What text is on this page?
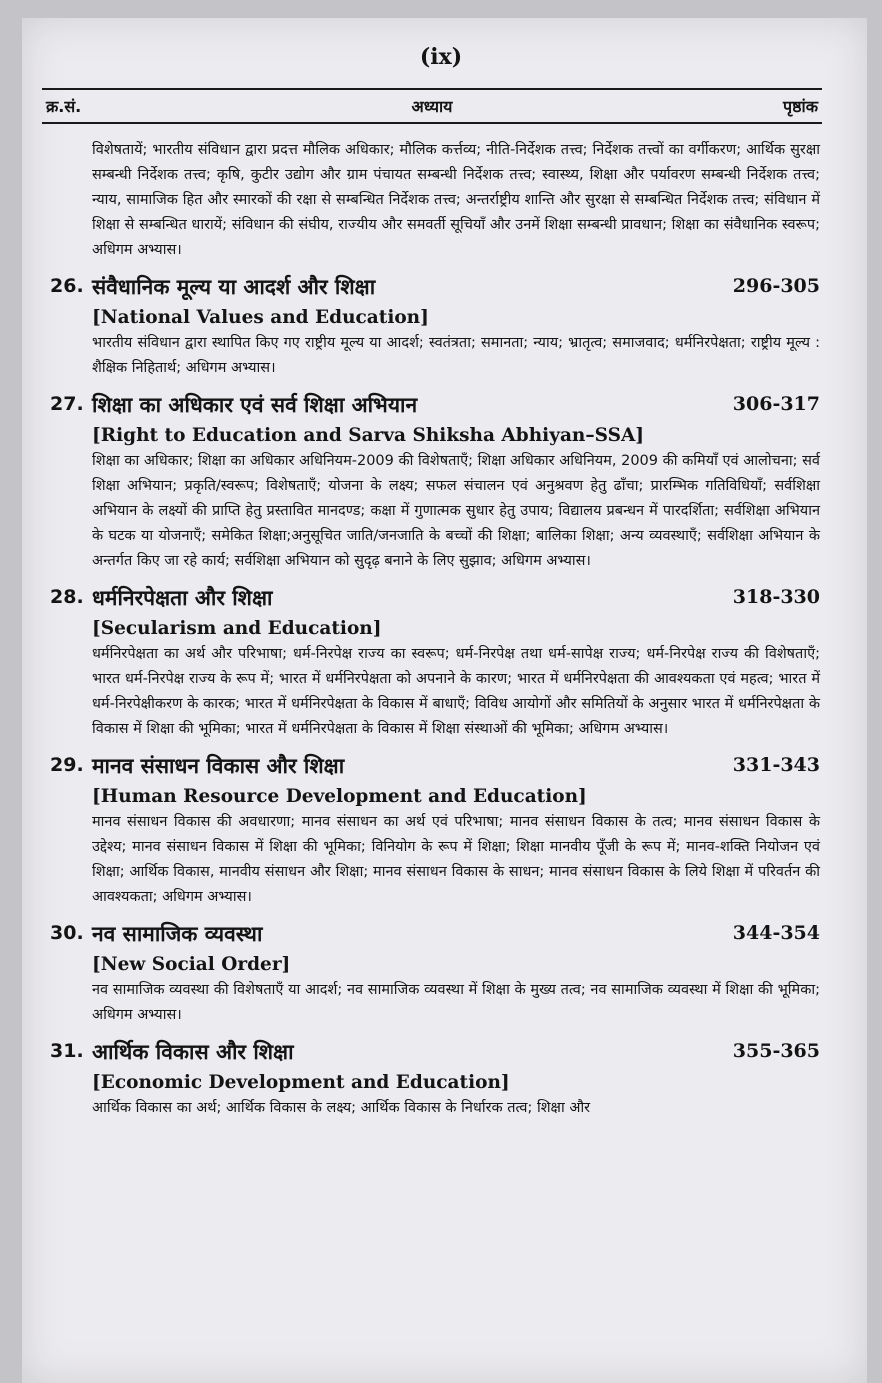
(ix)
क्र.सं.	अध्याय	पृष्ठांक

विशेषतायें; भारतीय संविधान द्वारा प्रदत्त मौलिक अधिकार; मौलिक कर्त्तव्य; नीति-निर्देशक तत्त्व; निर्देशक तत्त्वों का वर्गीकरण; आर्थिक सुरक्षा सम्बन्धी निर्देशक तत्त्व; कृषि, कुटीर उद्योग और ग्राम पंचायत सम्बन्धी निर्देशक तत्त्व; स्वास्थ्य, शिक्षा और पर्यावरण सम्बन्धी निर्देशक तत्त्व; न्याय, सामाजिक हित और स्मारकों की रक्षा से सम्बन्धित निर्देशक तत्त्व; अन्तर्राष्ट्रीय शान्ति और सुरक्षा से सम्बन्धित निर्देशक तत्त्व; संविधान में शिक्षा से सम्बन्धित धारायें; संविधान की संघीय, राज्यीय और समवर्ती सूचियाँ और उनमें शिक्षा सम्बन्धी प्रावधान; शिक्षा का संवैधानिक स्वरूप; अधिगम अभ्यास।

26. संवैधानिक मूल्य या आदर्श और शिक्षा	296-305

[National Values and Education]

भारतीय संविधान द्वारा स्थापित किए गए राष्ट्रीय मूल्य या आदर्श; स्वतंत्रता; समानता; न्याय; भ्रातृत्व; समाजवाद; धर्मनिरपेक्षता; राष्ट्रीय मूल्य : शैक्षिक निहितार्थ; अधिगम अभ्यास।

27. शिक्षा का अधिकार एवं सर्व शिक्षा अभियान	306-317

[Right to Education and Sarva Shiksha Abhiyan–SSA]

शिक्षा का अधिकार; शिक्षा का अधिकार अधिनियम-2009 की विशेषताएँ; शिक्षा अधिकार अधिनियम, 2009 की कमियाँ एवं आलोचना; सर्व शिक्षा अभियान; प्रकृति/स्वरूप; विशेषताएँ; योजना के लक्ष्य; सफल संचालन एवं अनुश्रवण हेतु ढाँचा; प्रारम्भिक गतिविधियाँ; सर्वशिक्षा अभियान के लक्ष्यों की प्राप्ति हेतु प्रस्तावित मानदण्ड; कक्षा में गुणात्मक सुधार हेतु उपाय; विद्यालय प्रबन्धन में पारदर्शिता; सर्वशिक्षा अभियान के घटक या योजनाएँ; समेकित शिक्षा;अनुसूचित जाति/जनजाति के बच्चों की शिक्षा; बालिका शिक्षा; अन्य व्यवस्थाएँ; सर्वशिक्षा अभियान के अन्तर्गत किए जा रहे कार्य; सर्वशिक्षा अभियान को सुदृढ़ बनाने के लिए सुझाव; अधिगम अभ्यास।

28. धर्मनिरपेक्षता और शिक्षा	318-330

[Secularism and Education]

धर्मनिरपेक्षता का अर्थ और परिभाषा; धर्म-निरपेक्ष राज्य का स्वरूप; धर्म-निरपेक्ष तथा धर्म-सापेक्ष राज्य; धर्म-निरपेक्ष राज्य की विशेषताएँ; भारत धर्म-निरपेक्ष राज्य के रूप में; भारत में धर्मनिरपेक्षता को अपनाने के कारण; भारत में धर्मनिरपेक्षता की आवश्यकता एवं महत्व; भारत में धर्म-निरपेक्षीकरण के कारक; भारत में धर्मनिरपेक्षता के विकास में बाधाएँ; विविध आयोगों और समितियों के अनुसार भारत में धर्मनिरपेक्षता के विकास में शिक्षा की भूमिका; भारत में धर्मनिरपेक्षता के विकास में शिक्षा संस्थाओं की भूमिका; अधिगम अभ्यास।

29. मानव संसाधन विकास और शिक्षा	331-343

[Human Resource Development and Education]

मानव संसाधन विकास की अवधारणा; मानव संसाधन का अर्थ एवं परिभाषा; मानव संसाधन विकास के तत्व; मानव संसाधन विकास के उद्देश्य; मानव संसाधन विकास में शिक्षा की भूमिका; विनियोग के रूप में शिक्षा; शिक्षा मानवीय पूँजी के रूप में; मानव-शक्ति नियोजन एवं शिक्षा; आर्थिक विकास, मानवीय संसाधन और शिक्षा; मानव संसाधन विकास के साधन; मानव संसाधन विकास के लिये शिक्षा में परिवर्तन की आवश्यकता; अधिगम अभ्यास।

30. नव सामाजिक व्यवस्था	344-354

[New Social Order]

नव सामाजिक व्यवस्था की विशेषताएँ या आदर्श; नव सामाजिक व्यवस्था में शिक्षा के मुख्य तत्व; नव सामाजिक व्यवस्था में शिक्षा की भूमिका; अधिगम अभ्यास।

31. आर्थिक विकास और शिक्षा	355-365

[Economic Development and Education]

आर्थिक विकास का अर्थ; आर्थिक विकास के लक्ष्य; आर्थिक विकास के निर्धारक तत्व; शिक्षा और
